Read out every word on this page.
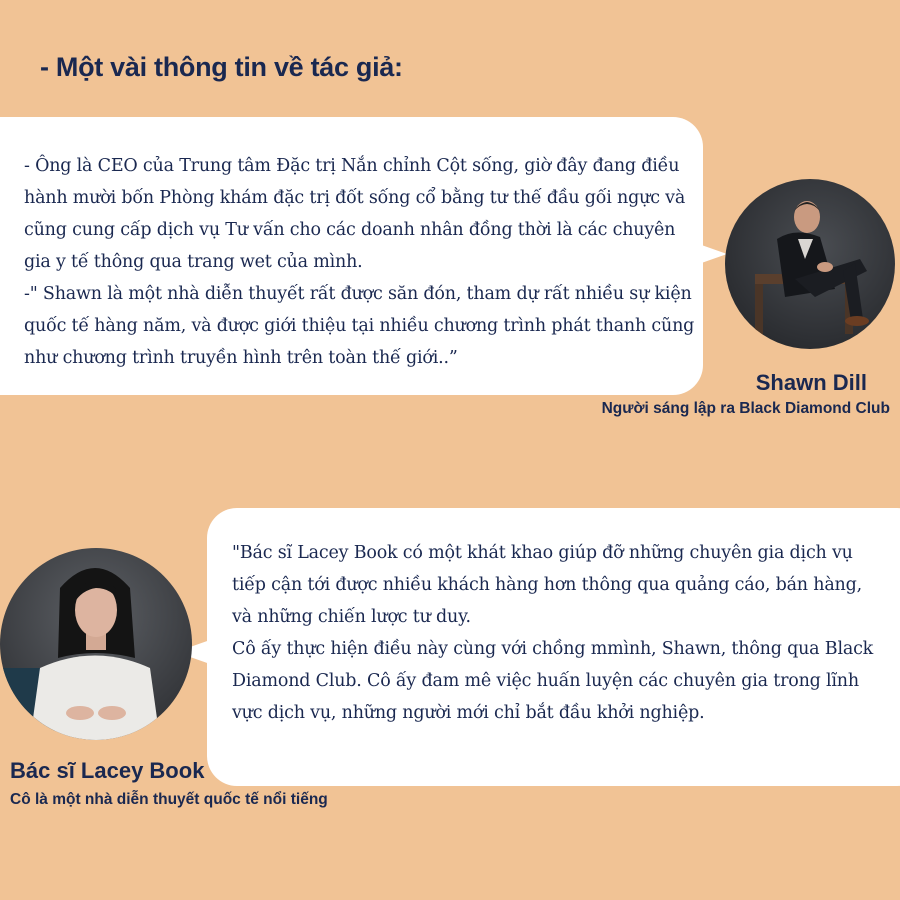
- Một vài thông tin về tác giả:

- Ông là CEO của Trung tâm Đặc trị Nắn chỉnh Cột sống, giờ đây đang điều hành mười bốn Phòng khám đặc trị đốt sống cổ bằng tư thế đầu gối ngực và cũng cung cấp dịch vụ Tư vấn cho các doanh nhân đồng thời là các chuyên gia y tế thông qua trang wet của mình.

-" Shawn là một nhà diễn thuyết rất được săn đón, tham dự rất nhiều sự kiện quốc tế hàng năm, và được giới thiệu tại nhiều chương trình phát thanh cũng như chương trình truyền hình trên toàn thế giới..”

Shawn Dill

Người sáng lập ra Black Diamond Club

"Bác sĩ Lacey Book có một khát khao giúp đỡ những chuyên gia dịch vụ tiếp cận tới được nhiều khách hàng hơn thông qua quảng cáo, bán hàng, và những chiến lược tư duy.

Cô ấy thực hiện điều này cùng với chồng mmình, Shawn, thông qua Black Diamond Club. Cô ấy đam mê việc huấn luyện các chuyên gia trong lĩnh vực dịch vụ, những người mới chỉ bắt đầu khởi nghiệp.

Bác sĩ Lacey Book

Cô là một nhà diễn thuyết quốc tế nổi tiếng
